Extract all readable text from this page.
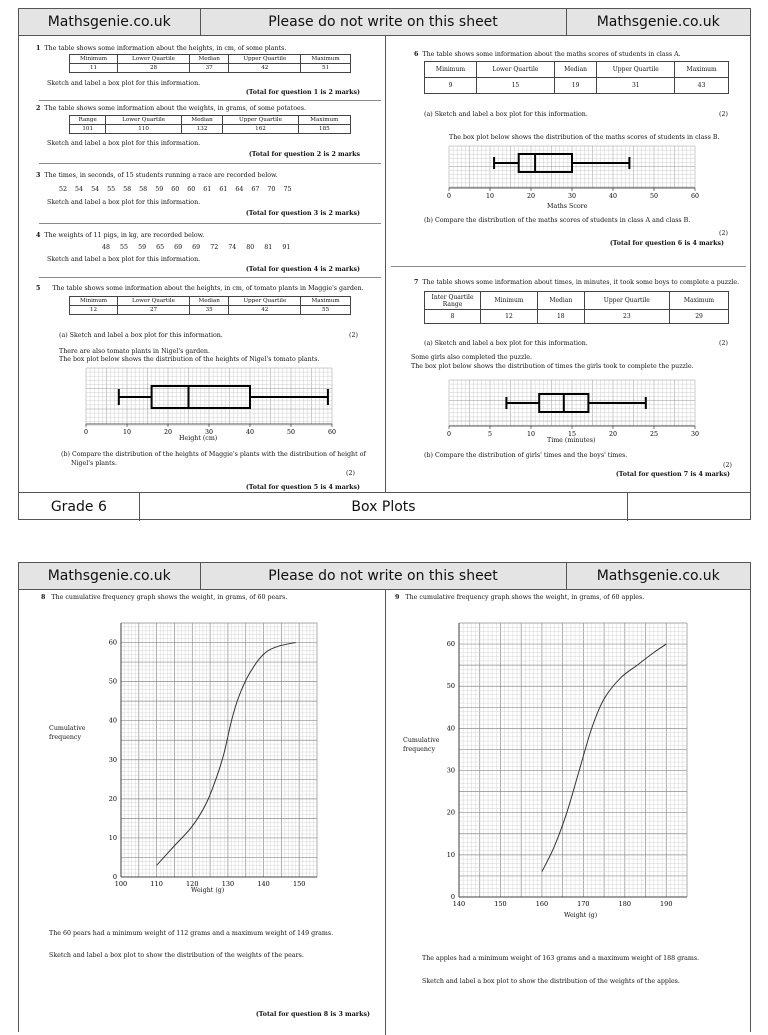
Mathsgenie.co.uk	Please do not write on this sheet	Mathsgenie.co.uk
1 The table shows some information about the heights, in cm, of some plants.
Minimum	Lower Quartile	Median	Upper Quartile	Maximum
11	28	37	42	51
Sketch and label a box plot for this information.
(Total for question 1 is 2 marks)
2 The table shows some information about the weights, in grams, of some potatoes.
Range	Lower Quartile	Median	Upper Quartile	Maximum
101	110	132	162	185
Sketch and label a box plot for this information.
(Total for question 2 is 2 marks
3 The times, in seconds, of 15 students running a race are recorded below.
52 54 54 55 58 58 59 60 60 61 61 64 67 70 75
Sketch and label a box plot for this information.
(Total for question 3 is 2 marks)
4 The weights of 11 pigs, in kg, are recorded below.
48 55 59 65 69 69 72 74 80 81 91
Sketch and label a box plot for this information.
(Total for question 4 is 2 marks)
5 The table shows some information about the heights, in cm, of tomato plants in Maggie's garden.
Minimum	Lower Quartile	Median	Upper Quartile	Maximum
12	27	35	42	55
(a) Sketch and label a box plot for this information.	(2)
There are also tomato plants in Nigel's garden.
The box plot below shows the distribution of the heights of Nigel's tomato plants.
0	10	20	30	40	50	60
Height (cm)
(b) Compare the distribution of the heights of Maggie's plants with the distribution of height of
Nigel's plants.
(2)
(Total for question 5 is 4 marks)
6 The table shows some information about the maths scores of students in class A.
Minimum	Lower Quartile	Median	Upper Quartile	Maximum
9	15	19	31	43
(a) Sketch and label a box plot for this information.	(2)
The box plot below shows the distribution of the maths scores of students in class B.
0	10	20	30	40	50	60
Maths Score
(b) Compare the distribution of the maths scores of students in class A and class B.
(2)
(Total for question 6 is 4 marks)
7 The table shows some information about times, in minutes, it took some boys to complete a puzzle.
Inter Quartile Range	Minimum	Median	Upper Quartile	Maximum
8	12	18	23	29
(a) Sketch and label a box plot for this information.	(2)
Some girls also completed the puzzle.
The box plot below shows the distribution of times the girls took to complete the puzzle.
0	5	10	15	20	25	30
Time (minutes)
(b) Compare the distribution of girls' times and the boys' times.
(2)
(Total for question 7 is 4 marks)
Grade 6	Box Plots
Mathsgenie.co.uk	Please do not write on this sheet	Mathsgenie.co.uk
8 The cumulative frequency graph shows the weight, in grams, of 60 pears.
100	110	120	130	140	150
0
10
20
30
40
50
60
Cumulative
frequency
Weight (g)
The 60 pears had a minimum weight of 112 grams and a maximum weight of 149 grams.
Sketch and label a box plot to show the distribution of the weights of the pears.
(Total for question 8 is 3 marks)
9 The cumulative frequency graph shows the weight, in grams, of 60 apples.
140	150	160	170	180	190
0
10
20
30
40
50
60
Cumulative
frequency
Weight (g)
The apples had a minimum weight of 163 grams and a maximum weight of 188 grams.
Sketch and label a box plot to show the distribution of the weights of the apples.
